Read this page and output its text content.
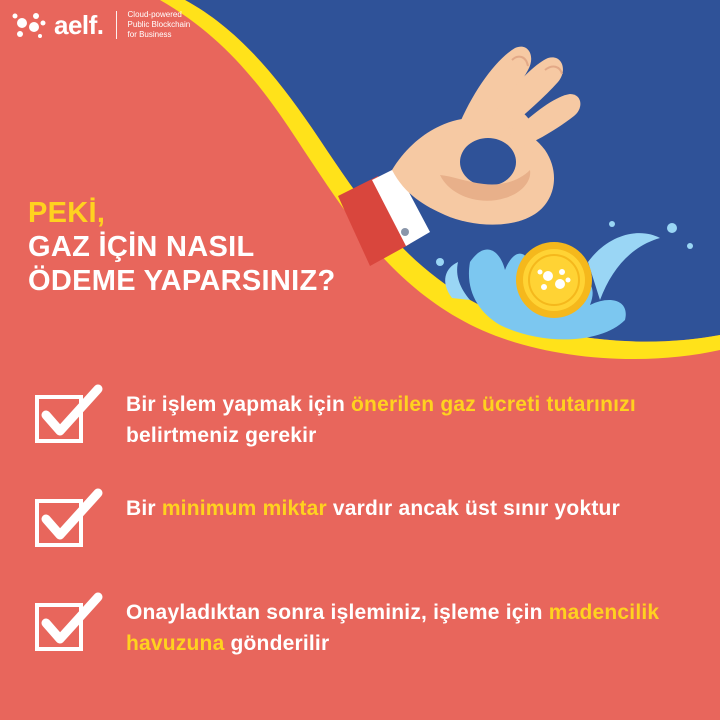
aelf.	Cloud-powered
Public Blockchain
for Business
PEKİ,
GAZ İÇİN NASIL
ÖDEME YAPARSINIZ?
Bir işlem yapmak için önerilen gaz ücreti tutarınızı belirtmeniz gerekir
Bir minimum miktar vardır ancak üst sınır yoktur
Onayladıktan sonra işleminiz, işleme için madencilik havuzuna gönderilir
